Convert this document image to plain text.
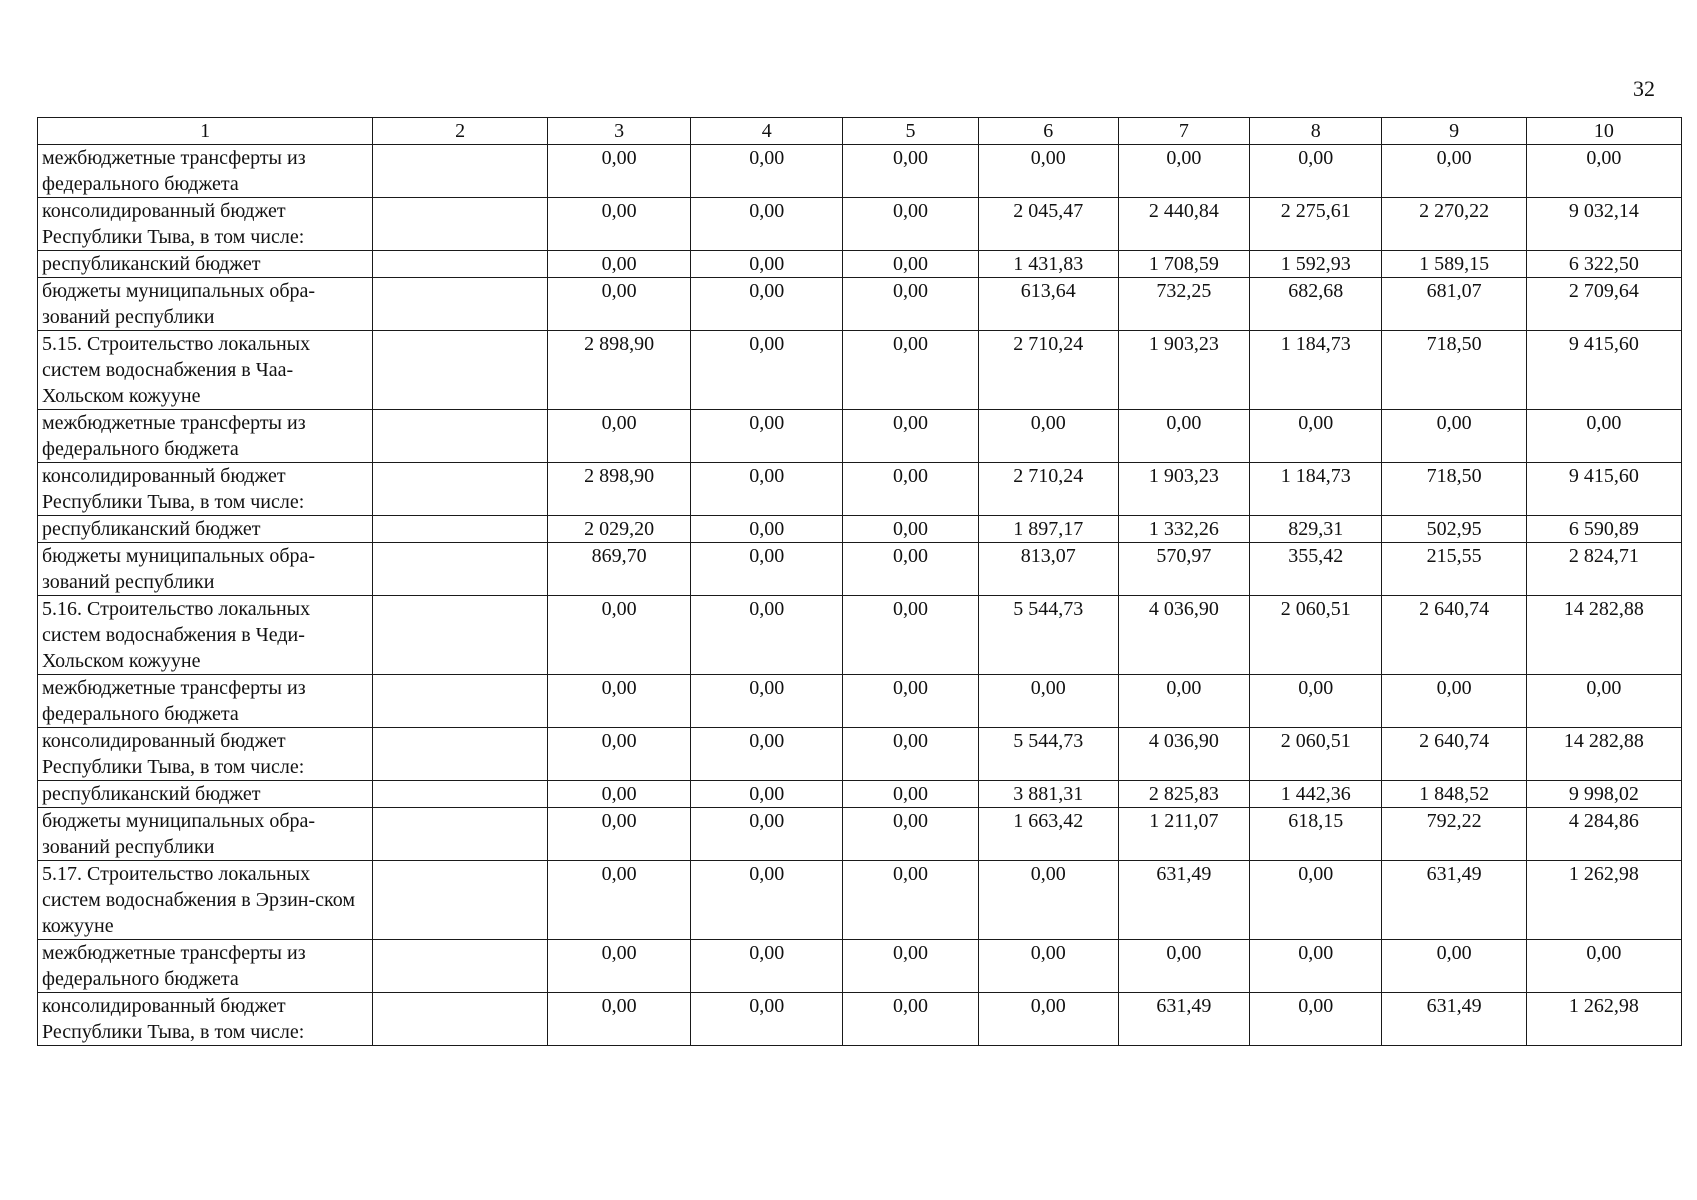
32
1	2	3	4	5	6	7	8	9	10
межбюджетные трансферты из федерального бюджета		0,00	0,00	0,00	0,00	0,00	0,00	0,00	0,00
консолидированный бюджет Республики Тыва, в том числе:		0,00	0,00	0,00	2 045,47	2 440,84	2 275,61	2 270,22	9 032,14
республиканский бюджет		0,00	0,00	0,00	1 431,83	1 708,59	1 592,93	1 589,15	6 322,50
бюджеты муниципальных обра-зований республики		0,00	0,00	0,00	613,64	732,25	682,68	681,07	2 709,64
5.15. Строительство локальных систем водоснабжения в Чаа-Хольском кожууне		2 898,90	0,00	0,00	2 710,24	1 903,23	1 184,73	718,50	9 415,60
межбюджетные трансферты из федерального бюджета		0,00	0,00	0,00	0,00	0,00	0,00	0,00	0,00
консолидированный бюджет Республики Тыва, в том числе:		2 898,90	0,00	0,00	2 710,24	1 903,23	1 184,73	718,50	9 415,60
республиканский бюджет		2 029,20	0,00	0,00	1 897,17	1 332,26	829,31	502,95	6 590,89
бюджеты муниципальных обра-зований республики		869,70	0,00	0,00	813,07	570,97	355,42	215,55	2 824,71
5.16. Строительство локальных систем водоснабжения в Чеди-Хольском кожууне		0,00	0,00	0,00	5 544,73	4 036,90	2 060,51	2 640,74	14 282,88
межбюджетные трансферты из федерального бюджета		0,00	0,00	0,00	0,00	0,00	0,00	0,00	0,00
консолидированный бюджет Республики Тыва, в том числе:		0,00	0,00	0,00	5 544,73	4 036,90	2 060,51	2 640,74	14 282,88
республиканский бюджет		0,00	0,00	0,00	3 881,31	2 825,83	1 442,36	1 848,52	9 998,02
бюджеты муниципальных обра-зований республики		0,00	0,00	0,00	1 663,42	1 211,07	618,15	792,22	4 284,86
5.17. Строительство локальных систем водоснабжения в Эрзин-ском кожууне		0,00	0,00	0,00	0,00	631,49	0,00	631,49	1 262,98
межбюджетные трансферты из федерального бюджета		0,00	0,00	0,00	0,00	0,00	0,00	0,00	0,00
консолидированный бюджет Республики Тыва, в том числе:		0,00	0,00	0,00	0,00	631,49	0,00	631,49	1 262,98
